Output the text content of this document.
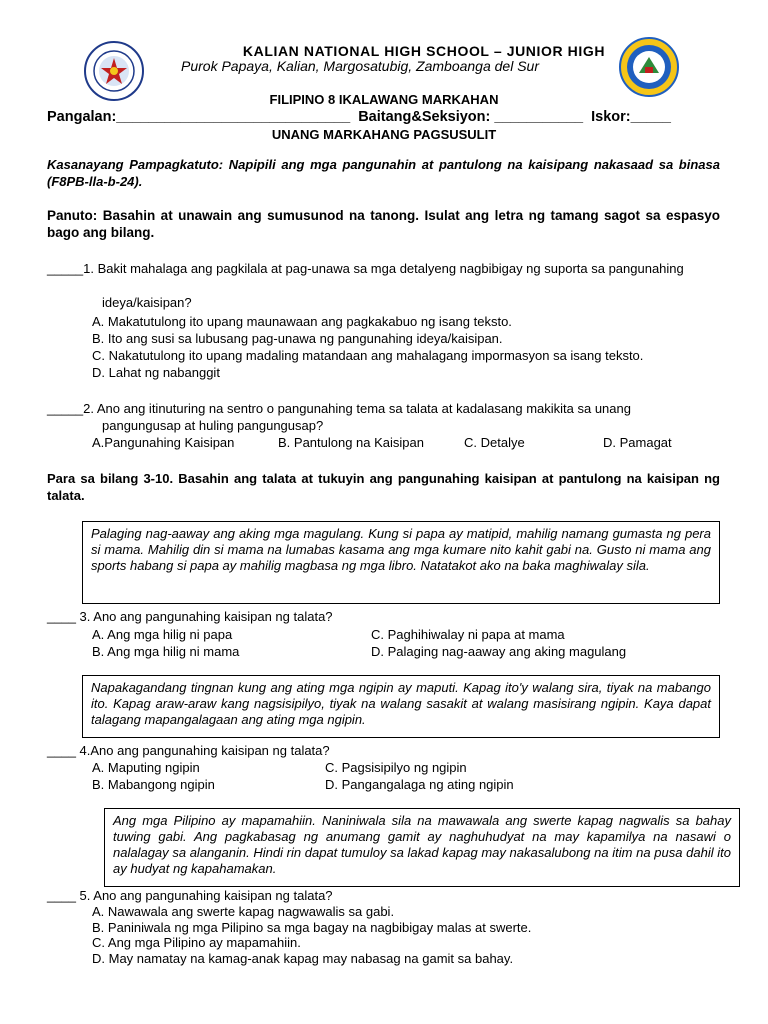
KALIAN NATIONAL HIGH SCHOOL – JUNIOR HIGH
Purok Papaya, Kalian, Margosatubig, Zamboanga del Sur
FILIPINO 8 IKALAWANG MARKAHAN
Pangalan:_____________________________  Baitang&Seksiyon: ___________  Iskor:_____
UNANG MARKAHANG PAGSUSULIT
Kasanayang Pampagkatuto: Napipili ang mga pangunahin at pantulong na kaisipang nakasaad sa binasa (F8PB-lla-b-24).
Panuto: Basahin at unawain ang sumusunod na tanong. Isulat ang letra ng tamang sagot sa espasyo bago ang bilang.
_____1. Bakit mahalaga ang pagkilala at pag-unawa sa mga detalyeng nagbibigay ng suporta sa pangunahing
ideya/kaisipan?
A. Makatutulong ito upang maunawaan ang pagkakabuo ng isang teksto.
B. Ito ang susi sa lubusang pag-unawa ng pangunahing ideya/kaisipan.
C. Nakatutulong ito upang madaling matandaan ang mahalagang impormasyon sa isang teksto.
D. Lahat ng nabanggit
_____2. Ano ang itinuturing na sentro o pangunahing tema sa talata at kadalasang makikita sa unang
pangungusap at huling pangungusap?
A.Pangunahing Kaisipan	B. Pantulong na Kaisipan	C. Detalye	D. Pamagat
Para sa bilang 3-10. Basahin ang talata at tukuyin ang pangunahing kaisipan at pantulong na kaisipan ng talata.
Palaging nag-aaway ang aking mga magulang. Kung si papa ay matipid, mahilig namang gumasta ng pera si mama. Mahilig din si mama na lumabas kasama ang mga kumare nito kahit gabi na. Gusto ni mama ang sports habang si papa ay mahilig magbasa ng mga libro. Natatakot ako na baka maghiwalay sila.
____ 3. Ano ang pangunahing kaisipan ng talata?
A. Ang mga hilig ni papa	C. Paghihiwalay ni papa at mama
B. Ang mga hilig ni mama	D. Palaging nag-aaway ang aking magulang
Napakagandang tingnan kung ang ating mga ngipin ay maputi. Kapag ito'y walang sira, tiyak na mabango ito. Kapag araw-araw kang nagsisipilyo, tiyak na walang sasakit at walang masisirang ngipin. Kaya dapat talagang mapangalagaan ang ating mga ngipin.
____ 4.Ano ang pangunahing kaisipan ng talata?
A. Maputing ngipin	C. Pagsisipilyo ng ngipin
B. Mabangong ngipin	D. Pangangalaga ng ating ngipin
Ang mga Pilipino ay mapamahiin. Naniniwala sila na mawawala ang swerte kapag nagwalis sa bahay tuwing gabi. Ang pagkabasag ng anumang gamit ay naghuhudyat na may kapamilya na nasawi o nalalagay sa alanganin. Hindi rin dapat tumuloy sa lakad kapag may nakasalubong na itim na pusa dahil ito ay hudyat ng kapahamakan.
____ 5. Ano ang pangunahing kaisipan ng talata?
A. Nawawala ang swerte kapag nagwawalis sa gabi.
B. Paniniwala ng mga Pilipino sa mga bagay na nagbibigay malas at swerte.
C. Ang mga Pilipino ay mapamahiin.
D. May namatay na kamag-anak kapag may nabasag na gamit sa bahay.
